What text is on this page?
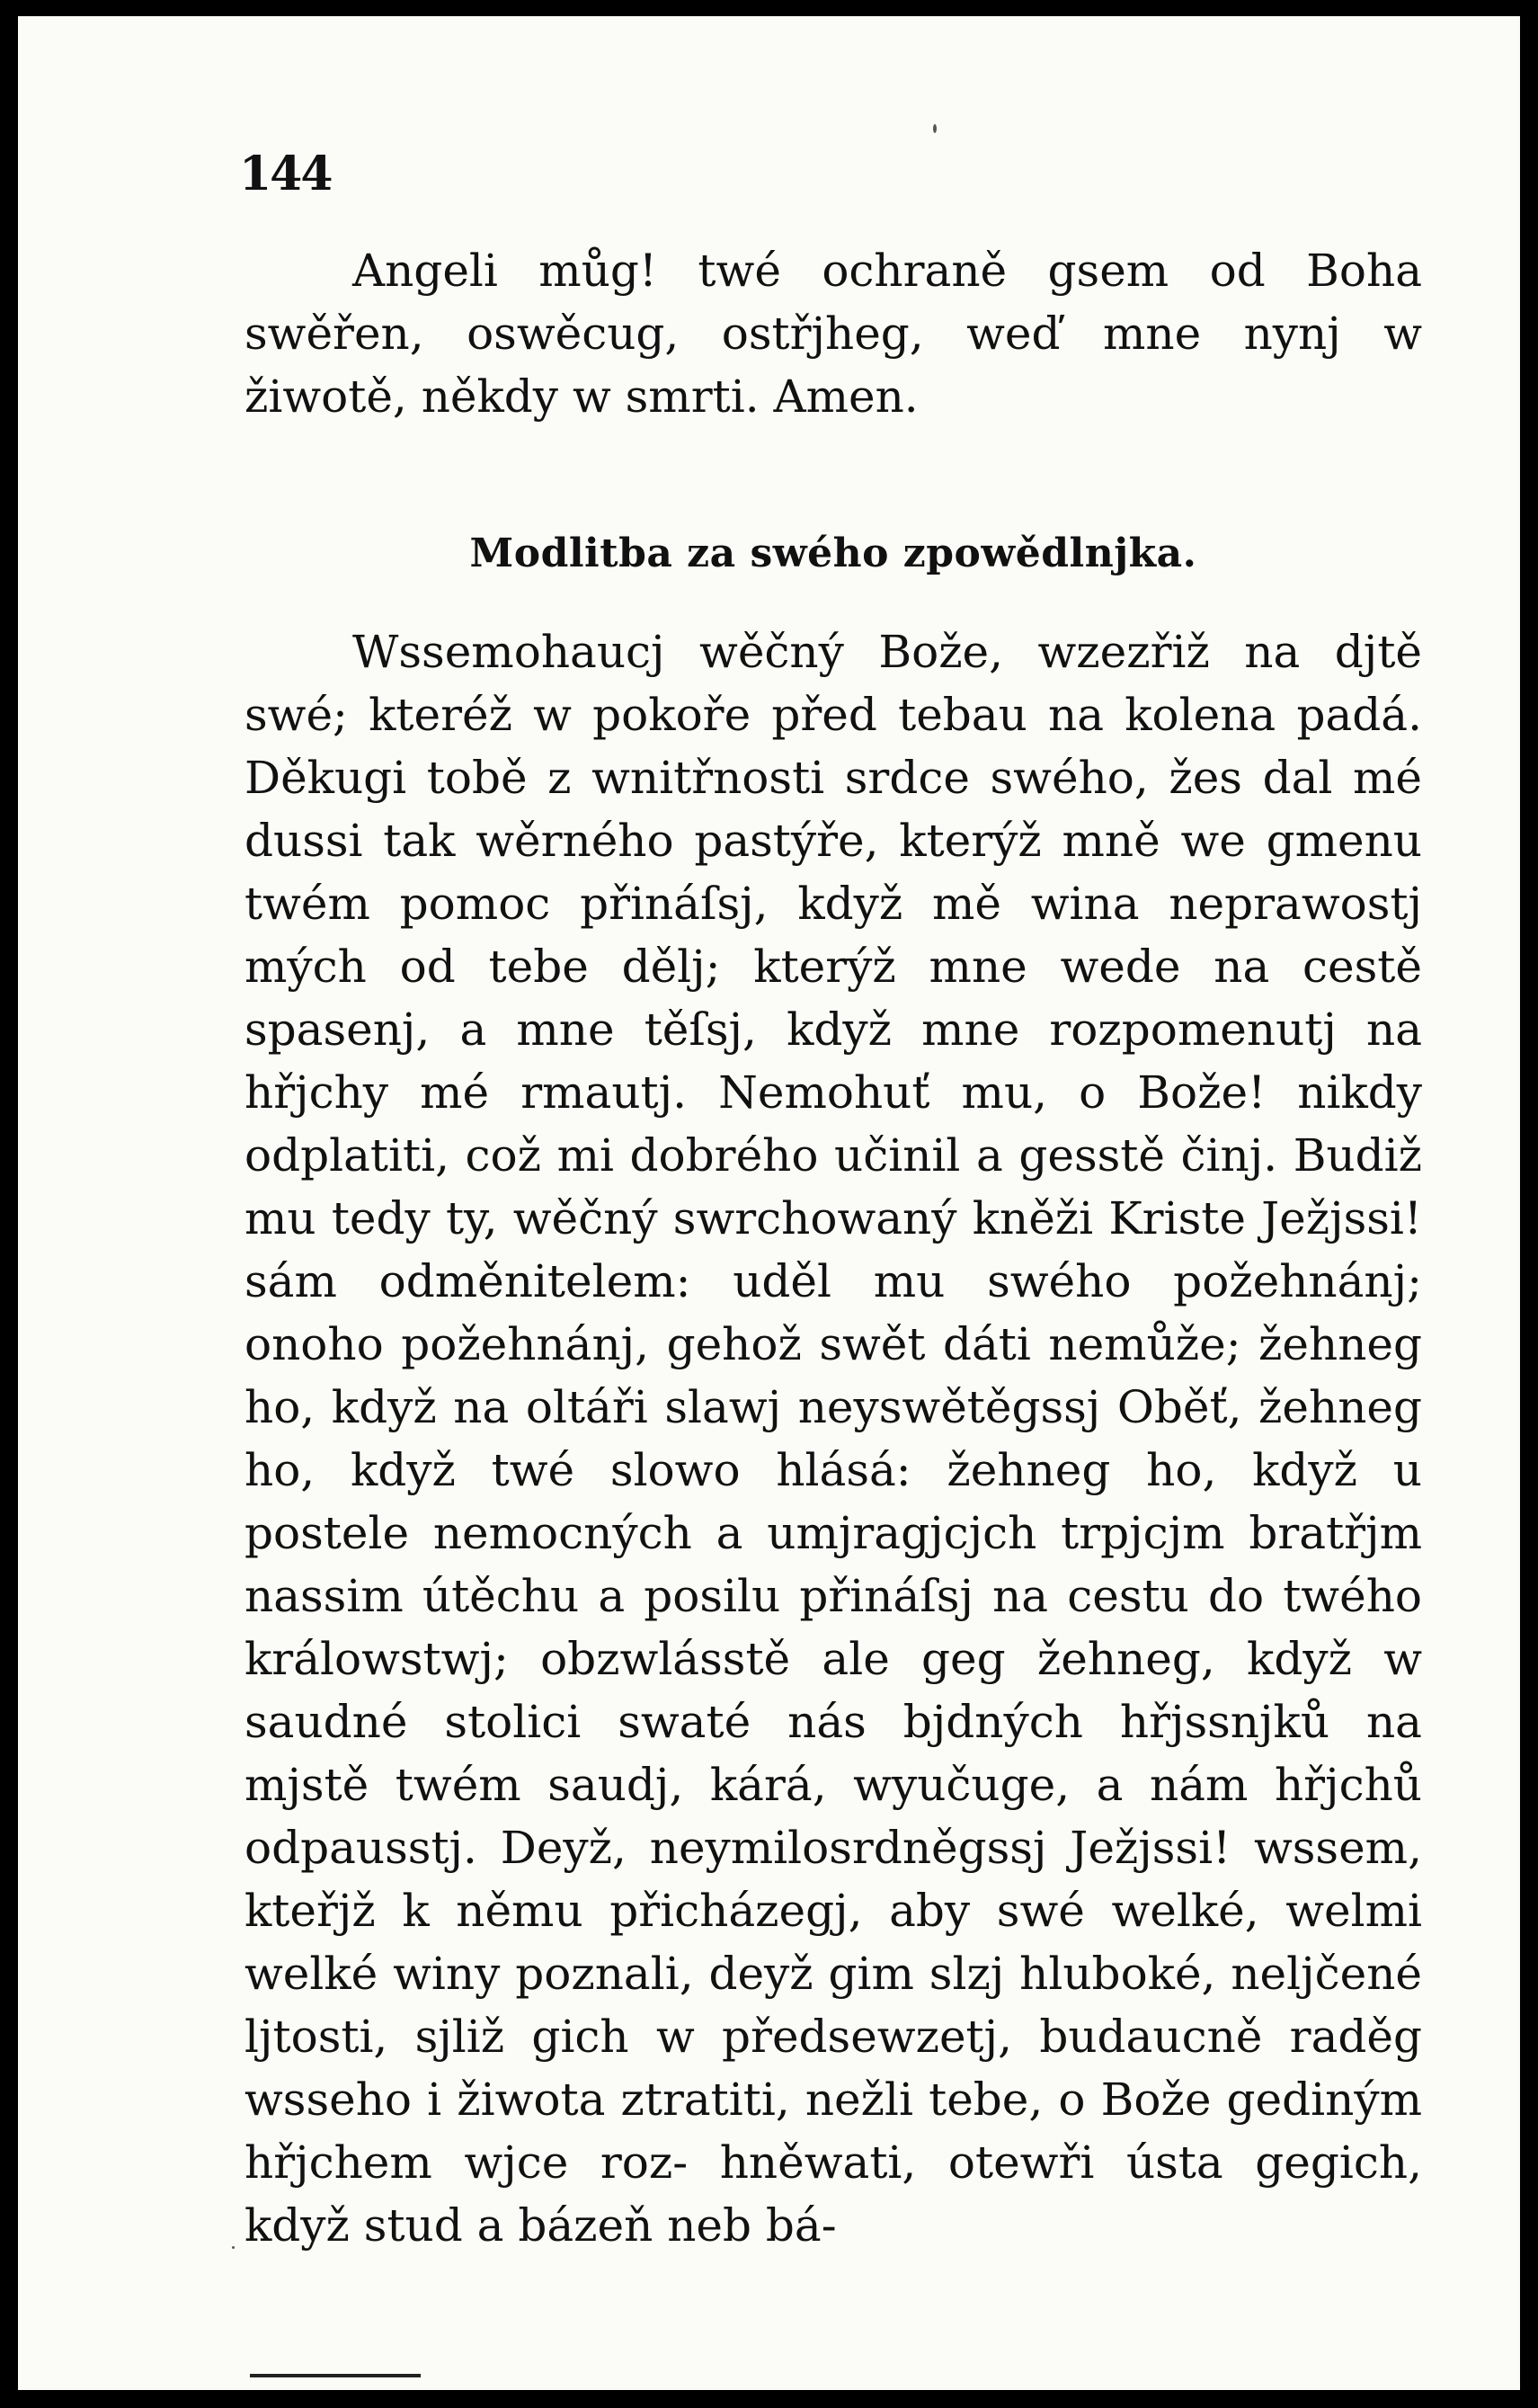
144

Angeli můg! twé ochraně gsem od Boha swěřen, oswěcug, ostřjheg, weď mne nynj w žiwotě, někdy w smrti. Amen.

Modlitba za swého zpowědlnjka.

Wssemohaucj wěčný Bože, wzezřiž na djtě swé; kteréž w pokoře před tebau na kolena padá. Děkugi tobě z wnitřnosti srdce swého, žes dal mé dussi tak wěrného pastýře, kterýž mně we gmenu twém pomoc přináſsj, když mě wina neprawostj mých od tebe dělj; kterýž mne wede na cestě spasenj, a mne těſsj, když mne rozpomenutj na hřjchy mé rmautj. Nemohuť mu, o Bože! nikdy odplatiti, což mi dobrého učinil a gesstě činj. Budiž mu tedy ty, wěčný swrchowaný kněži Kriste Ježjssi! sám odměnitelem: uděl mu swého požehnánj; onoho požehnánj, gehož swět dáti nemůže; žehneg ho, když na oltáři slawj neyswětěgssj Oběť, žehneg ho, když twé slowo hlásá: žehneg ho, když u postele nemocných a umjragjcjch trpjcjm bratřjm nassim útěchu a posilu přináſsj na cestu do twého králowstwj; obzwlásstě ale geg žehneg, když w saudné stolici swaté nás bjdných hřjssnjků na mjstě twém saudj, kárá, wyučuge, a nám hřjchů odpausstj. Deyž, neymilosrdněgssj Ježjssi! wssem, kteřjž k němu přicházegj, aby swé welké, welmi welké winy poznali, deyž gim slzj hluboké, neljčené ljtosti, sjliž gich w předsewzetj, budaucně raděg wsseho i žiwota ztratiti, nežli tebe, o Bože gediným hřjchem wjce roz- hněwati, otewři ústa gegich, když stud a bázeň neb bá-
